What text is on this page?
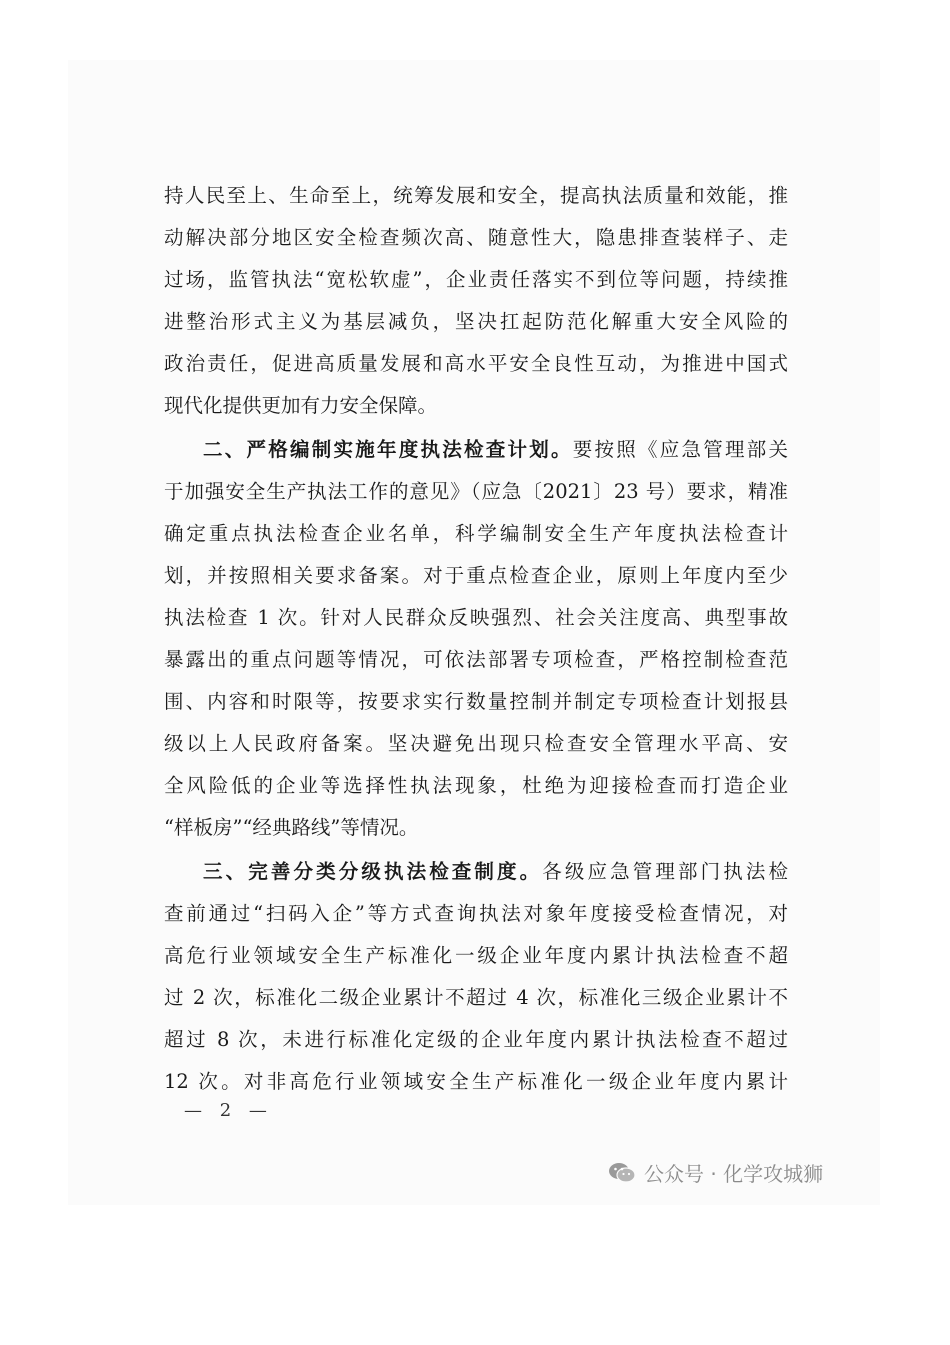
持人民至上、生命至上，统筹发展和安全，提高执法质量和效能，推
动解决部分地区安全检查频次高、随意性大，隐患排查装样子、走
过场，监管执法“宽松软虚”，企业责任落实不到位等问题，持续推
进整治形式主义为基层减负，坚决扛起防范化解重大安全风险的
政治责任，促进高质量发展和高水平安全良性互动，为推进中国式
现代化提供更加有力安全保障。
二、严格编制实施年度执法检查计划。要按照《应急管理部关
于加强安全生产执法工作的意见》（应急〔2021〕23 号）要求，精准
确定重点执法检查企业名单，科学编制安全生产年度执法检查计
划，并按照相关要求备案。对于重点检查企业，原则上年度内至少
执法检查 1 次。针对人民群众反映强烈、社会关注度高、典型事故
暴露出的重点问题等情况，可依法部署专项检查，严格控制检查范
围、内容和时限等，按要求实行数量控制并制定专项检查计划报县
级以上人民政府备案。坚决避免出现只检查安全管理水平高、安
全风险低的企业等选择性执法现象，杜绝为迎接检查而打造企业
“样板房”“经典路线”等情况。
三、完善分类分级执法检查制度。各级应急管理部门执法检
查前通过“扫码入企”等方式查询执法对象年度接受检查情况，对
高危行业领域安全生产标准化一级企业年度内累计执法检查不超
过 2 次，标准化二级企业累计不超过 4 次，标准化三级企业累计不
超过 8 次，未进行标准化定级的企业年度内累计执法检查不超过
12 次。对非高危行业领域安全生产标准化一级企业年度内累计
— 2 —
公众号 · 化学攻城狮
